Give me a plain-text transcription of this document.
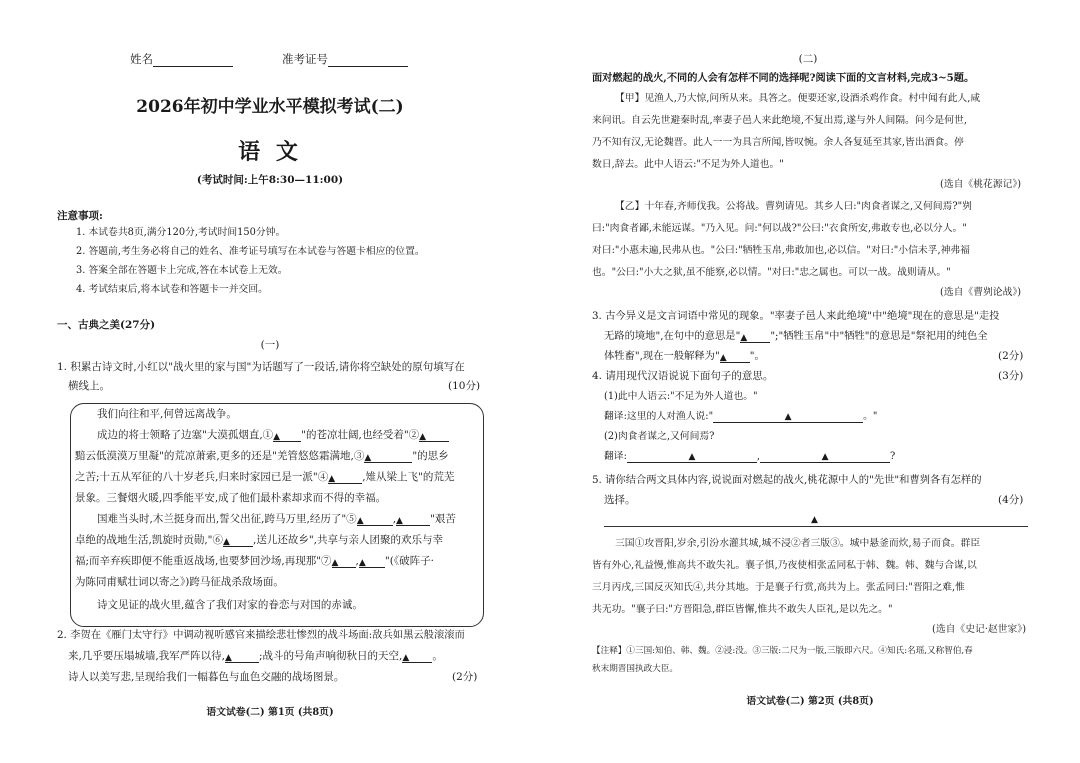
姓名	准考证号
2026年初中学业水平模拟考试(二)
语 文
(考试时间:上午8:30—11:00)
注意事项:
1. 本试卷共8页,满分120分,考试时间150分钟。
2. 答题前,考生务必将自己的姓名、准考证号填写在本试卷与答题卡相应的位置。
3. 答案全部在答题卡上完成,答在本试卷上无效。
4. 考试结束后,将本试卷和答题卡一并交回。
一、古典之美(27分)
(一)
1. 积累古诗文时,小红以"战火里的家与国"为话题写了一段话,请你将空缺处的原句填写在
横线上。	(10分)
我们向往和平,何曾远离战争。
成边的将士领略了边塞"大漠孤烟直,①▲ "的苍凉壮阔,也经受着"②▲
黯云低漠漠万里凝"的荒凉萧索,更多的还是"羌管悠悠霜满地,③▲	"的思乡
之苦;十五从军征的八十岁老兵,归来时家园已是一派"④▲	,雉从梁上飞"的荒芜
景象。三餐烟火暖,四季能平安,成了他们最朴素却求而不得的幸福。
国难当头时,木兰挺身而出,誓父出征,跨马万里,经历了"⑤▲	,▲	"艰苦
卓绝的战地生活,凯旋时贡勋,"⑥▲ ,送儿还故乡",共享与亲人团聚的欢乐与幸
福;而辛弃疾即便不能重返战场,也要梦回沙场,再现那"⑦▲ ,▲ "(《破阵子·
为陈同甫赋壮词以寄之》)跨马征战杀敌场面。
诗文见证的战火里,蕴含了我们对家的眷恋与对国的赤诚。
2. 李贺在《雁门太守行》中调动视听感官来描绘悲壮惨烈的战斗场面:敌兵如黑云般滚滚而
来,几乎要压塌城墙,我军严阵以待,▲	;战斗的号角声响彻秋日的天空,▲ 。
诗人以美写悲,呈现给我们一幅暮色与血色交融的战场图景。	(2分)
语文试卷(二) 第1页 (共8页)
(二)
面对燃起的战火,不同的人会有怎样不同的选择呢?阅读下面的文言材料,完成3~5题。
【甲】见渔人,乃大惊,问所从来。具答之。便要还家,设酒杀鸡作食。村中闻有此人,咸
来问讯。自云先世避秦时乱,率妻子邑人来此绝境,不复出焉,遂与外人间隔。问今是何世,
乃不知有汉,无论魏晋。此人一一为具言所闻,皆叹惋。余人各复延至其家,皆出酒食。停
数日,辞去。此中人语云:"不足为外人道也。"
(选自《桃花源记》)
【乙】十年春,齐师伐我。公将战。曹刿请见。其乡人曰:"肉食者谋之,又何间焉?"刿
曰:"肉食者鄙,未能远谋。"乃入见。问:"何以战?"公曰:"衣食所安,弗敢专也,必以分人。"
对曰:"小惠未遍,民弗从也。"公曰:"牺牲玉帛,弗敢加也,必以信。"对曰:"小信未孚,神弗福
也。"公曰:"小大之狱,虽不能察,必以情。"对曰:"忠之属也。可以一战。战则请从。"
(选自《曹刿论战》)
3. 古今异义是文言词语中常见的现象。"率妻子邑人来此绝境"中"绝境"现在的意思是"走投
无路的境地",在句中的意思是"▲ ";"牺牲玉帛"中"牺牲"的意思是"祭祀用的纯色全
体牲畜",现在一般解释为"▲ "。	(2分)
4. 请用现代汉语说说下面句子的意思。	(3分)
(1)此中人语云:"不足为外人道也。"
翻译:这里的人对渔人说:"	▲	。"
(2)肉食者谋之,又何间焉?
翻译:	▲	,	▲	?
5. 请你结合两文具体内容,说说面对燃起的战火,桃花源中人的"先世"和曹刿各有怎样的
选择。	(4分)
▲
三国①攻晋阳,岁余,引汾水灌其城,城不浸②者三版③。城中悬釜而炊,易子而食。群臣
皆有外心,礼益慢,惟高共不敢失礼。襄子惧,乃夜使相张孟同私于韩、魏。韩、魏与合谋,以
三月丙戌,三国反灭知氏④,共分其地。于是襄子行赏,高共为上。张孟同曰:"晋阳之难,惟
共无功。"襄子曰:"方晋阳急,群臣皆懈,惟共不敢失人臣礼,是以先之。"
(选自《史记·赵世家》)
【注释】①三国:知伯、韩、魏。②浸:没。③三版:二尺为一版,三版即六尺。④知氏:名瑶,又称智伯,春
秋末期晋国执政大臣。
语文试卷(二) 第2页 (共8页)
